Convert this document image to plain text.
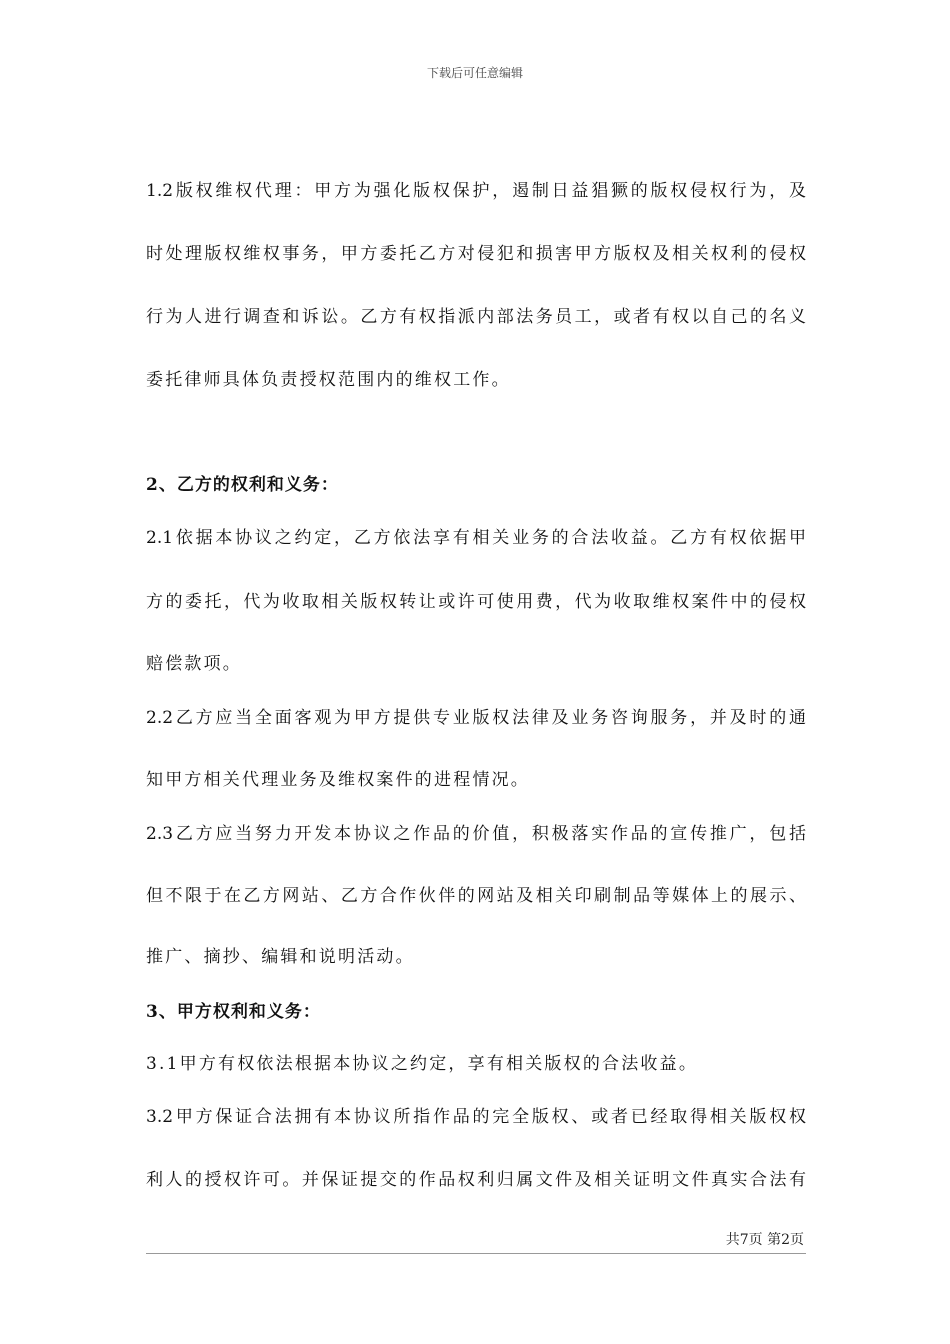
下载后可任意编辑
1.2版权维权代理：甲方为强化版权保护，遏制日益猖獗的版权侵权行为，及
时处理版权维权事务，甲方委托乙方对侵犯和损害甲方版权及相关权利的侵权
行为人进行调查和诉讼。乙方有权指派内部法务员工，或者有权以自己的名义
委托律师具体负责授权范围内的维权工作。
2、乙方的权利和义务：
2.1依据本协议之约定，乙方依法享有相关业务的合法收益。乙方有权依据甲
方的委托，代为收取相关版权转让或许可使用费，代为收取维权案件中的侵权
赔偿款项。
2.2乙方应当全面客观为甲方提供专业版权法律及业务咨询服务，并及时的通
知甲方相关代理业务及维权案件的进程情况。
2.3乙方应当努力开发本协议之作品的价值，积极落实作品的宣传推广，包括
但不限于在乙方网站、乙方合作伙伴的网站及相关印刷制品等媒体上的展示、
推广、摘抄、编辑和说明活动。
3、甲方权利和义务：
3.1甲方有权依法根据本协议之约定，享有相关版权的合法收益。
3.2甲方保证合法拥有本协议所指作品的完全版权、或者已经取得相关版权权
利人的授权许可。并保证提交的作品权利归属文件及相关证明文件真实合法有
共7页 第2页
